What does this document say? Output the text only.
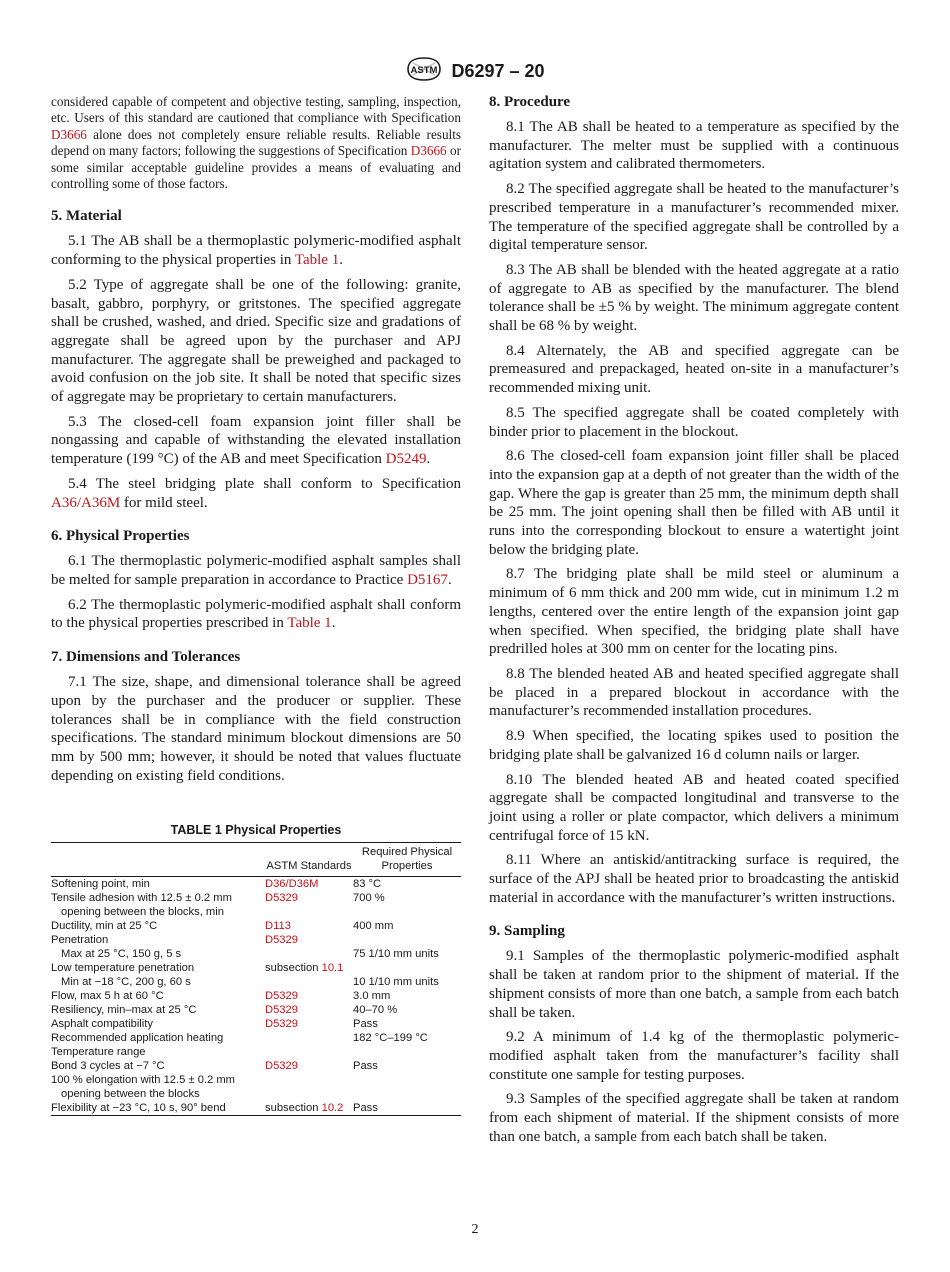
ASTM D6297 – 20

considered capable of competent and objective testing, sampling, inspection, etc. Users of this standard are cautioned that compliance with Specification D3666 alone does not completely ensure reliable results. Reliable results depend on many factors; following the suggestions of Specification D3666 or some similar acceptable guideline provides a means of evaluating and controlling some of those factors.

5. Material

5.1 The AB shall be a thermoplastic polymeric-modified asphalt conforming to the physical properties in Table 1.

5.2 Type of aggregate shall be one of the following: granite, basalt, gabbro, porphyry, or gritstones. The specified aggregate shall be crushed, washed, and dried. Specific size and gradations of aggregate shall be agreed upon by the purchaser and APJ manufacturer. The aggregate shall be preweighed and packaged to avoid confusion on the job site. It shall be noted that specific sizes of aggregate may be proprietary to certain manufacturers.

5.3 The closed-cell foam expansion joint filler shall be nongassing and capable of withstanding the elevated installation temperature (199 °C) of the AB and meet Specification D5249.

5.4 The steel bridging plate shall conform to Specification A36/A36M for mild steel.

6. Physical Properties

6.1 The thermoplastic polymeric-modified asphalt samples shall be melted for sample preparation in accordance to Practice D5167.

6.2 The thermoplastic polymeric-modified asphalt shall conform to the physical properties prescribed in Table 1.

7. Dimensions and Tolerances

7.1 The size, shape, and dimensional tolerance shall be agreed upon by the purchaser and the producer or supplier. These tolerances shall be in compliance with the field construction specifications. The standard minimum blockout dimensions are 50 mm by 500 mm; however, it should be noted that values fluctuate depending on existing field conditions.

TABLE 1 Physical Properties
	ASTM Standards	Required Physical Properties
Softening point, min	D36/D36M	83 °C
Tensile adhesion with 12.5 ± 0.2 mm	D5329	700 %
opening between the blocks, min		
Ductility, min at 25 °C	D113	400 mm
Penetration	D5329	
Max at 25 °C, 150 g, 5 s		75 1/10 mm units
Low temperature penetration	subsection 10.1	
Min at −18 °C, 200 g, 60 s		10 1/10 mm units
Flow, max 5 h at 60 °C	D5329	3.0 mm
Resiliency, min–max at 25 °C	D5329	40–70 %
Asphalt compatibility	D5329	Pass
Recommended application heating		182 °C–199 °C
Temperature range		
Bond 3 cycles at −7 °C	D5329	Pass
100 % elongation with 12.5 ± 0.2 mm		
opening between the blocks		
Flexibility at −23 °C, 10 s, 90° bend	subsection 10.2	Pass
8. Procedure

8.1 The AB shall be heated to a temperature as specified by the manufacturer. The melter must be supplied with a continuous agitation system and calibrated thermometers.

8.2 The specified aggregate shall be heated to the manufacturer’s prescribed temperature in a manufacturer’s recommended mixer. The temperature of the specified aggregate shall be controlled by a digital temperature sensor.

8.3 The AB shall be blended with the heated aggregate at a ratio of aggregate to AB as specified by the manufacturer. The blend tolerance shall be ±5 % by weight. The minimum aggregate content shall be 68 % by weight.

8.4 Alternately, the AB and specified aggregate can be premeasured and prepackaged, heated on-site in a manufacturer’s recommended mixing unit.

8.5 The specified aggregate shall be coated completely with binder prior to placement in the blockout.

8.6 The closed-cell foam expansion joint filler shall be placed into the expansion gap at a depth of not greater than the width of the gap. Where the gap is greater than 25 mm, the minimum depth shall be 25 mm. The joint opening shall then be filled with AB until it runs into the corresponding blockout to ensure a watertight joint below the bridging plate.

8.7 The bridging plate shall be mild steel or aluminum a minimum of 6 mm thick and 200 mm wide, cut in minimum 1.2 m lengths, centered over the entire length of the expansion joint gap when specified. When specified, the bridging plate shall have predrilled holes at 300 mm on center for the locating pins.

8.8 The blended heated AB and heated specified aggregate shall be placed in a prepared blockout in accordance with the manufacturer’s recommended installation procedures.

8.9 When specified, the locating spikes used to position the bridging plate shall be galvanized 16 d column nails or larger.

8.10 The blended heated AB and heated coated specified aggregate shall be compacted longitudinal and transverse to the joint using a roller or plate compactor, which delivers a minimum centrifugal force of 15 kN.

8.11 Where an antiskid/antitracking surface is required, the surface of the APJ shall be heated prior to broadcasting the antiskid material in accordance with the manufacturer’s written instructions.

9. Sampling

9.1 Samples of the thermoplastic polymeric-modified asphalt shall be taken at random prior to the shipment of material. If the shipment consists of more than one batch, a sample from each batch shall be taken.

9.2 A minimum of 1.4 kg of the thermoplastic polymeric-modified asphalt taken from the manufacturer’s facility shall constitute one sample for testing purposes.

9.3 Samples of the specified aggregate shall be taken at random from each shipment of material. If the shipment consists of more than one batch, a sample from each batch shall be taken.

2
